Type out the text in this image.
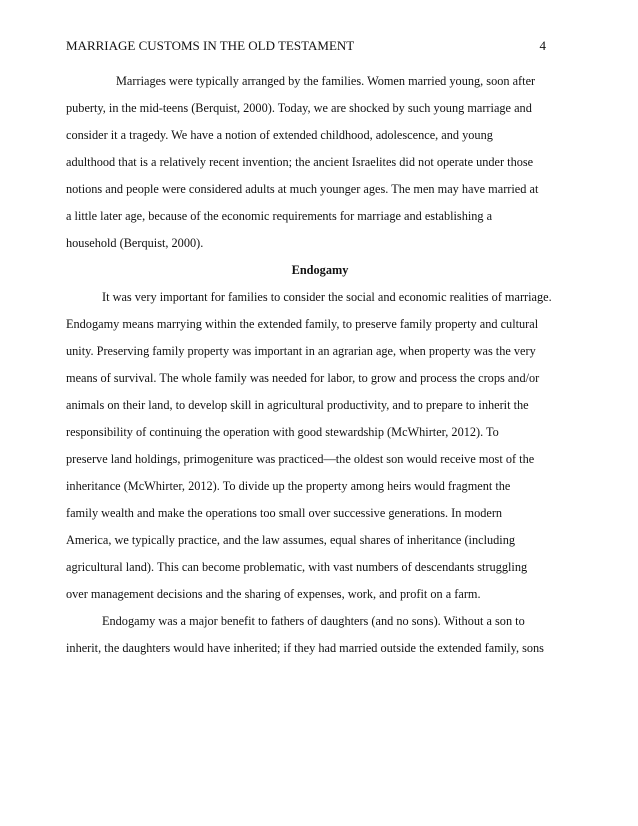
MARRIAGE CUSTOMS IN THE OLD TESTAMENT	4
Marriages were typically arranged by the families. Women married young, soon after
puberty, in the mid-teens (Berquist, 2000). Today, we are shocked by such young marriage and
consider it a tragedy. We have a notion of extended childhood, adolescence, and young
adulthood that is a relatively recent invention; the ancient Israelites did not operate under those
notions and people were considered adults at much younger ages. The men may have married at
a little later age, because of the economic requirements for marriage and establishing a
household (Berquist, 2000).
Endogamy
It was very important for families to consider the social and economic realities of marriage.
Endogamy means marrying within the extended family, to preserve family property and cultural
unity. Preserving family property was important in an agrarian age, when property was the very
means of survival. The whole family was needed for labor, to grow and process the crops and/or
animals on their land, to develop skill in agricultural productivity, and to prepare to inherit the
responsibility of continuing the operation with good stewardship (McWhirter, 2012). To
preserve land holdings, primogeniture was practiced—the oldest son would receive most of the
inheritance (McWhirter, 2012). To divide up the property among heirs would fragment the
family wealth and make the operations too small over successive generations. In modern
America, we typically practice, and the law assumes, equal shares of inheritance (including
agricultural land). This can become problematic, with vast numbers of descendants struggling
over management decisions and the sharing of expenses, work, and profit on a farm.
Endogamy was a major benefit to fathers of daughters (and no sons). Without a son to
inherit, the daughters would have inherited; if they had married outside the extended family, sons
